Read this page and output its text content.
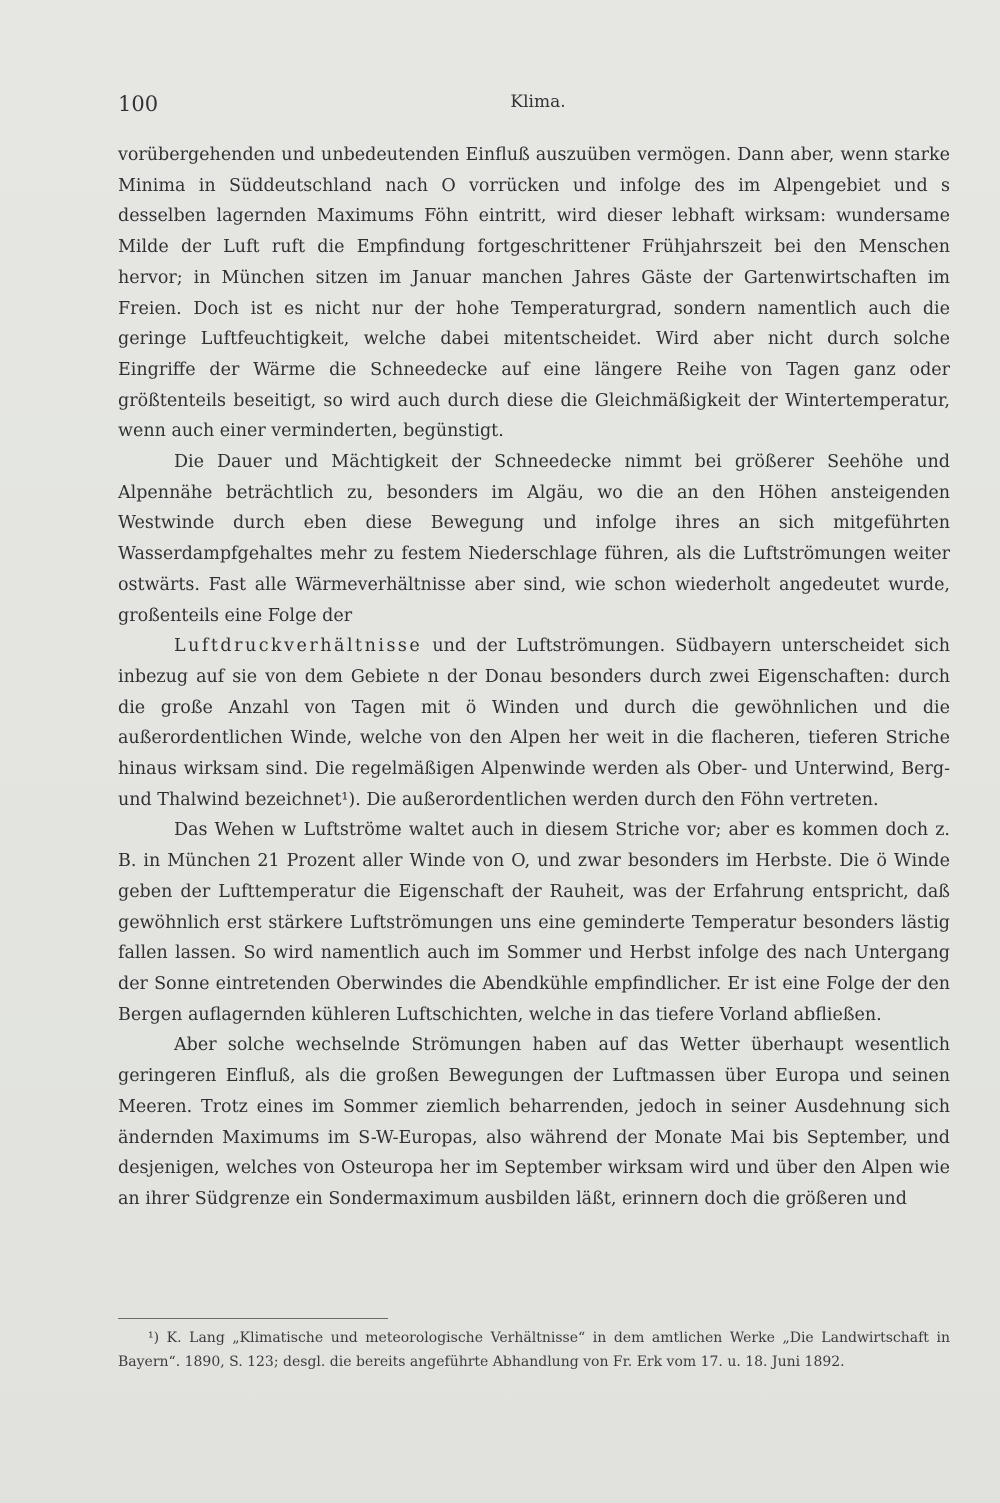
100	Klima.

vorübergehenden und unbedeutenden Einfluß auszuüben vermögen. Dann aber, wenn starke Minima in Süddeutschland nach O vorrücken und infolge des im Alpengebiet und s desselben lagernden Maximums Föhn eintritt, wird dieser lebhaft wirksam: wundersame Milde der Luft ruft die Empfindung fortgeschrittener Frühjahrszeit bei den Menschen hervor; in München sitzen im Januar manchen Jahres Gäste der Gartenwirtschaften im Freien. Doch ist es nicht nur der hohe Temperaturgrad, sondern namentlich auch die geringe Luftfeuchtigkeit, welche dabei mitentscheidet. Wird aber nicht durch solche Eingriffe der Wärme die Schneedecke auf eine längere Reihe von Tagen ganz oder größtenteils beseitigt, so wird auch durch diese die Gleichmäßigkeit der Wintertemperatur, wenn auch einer verminderten, begünstigt.

Die Dauer und Mächtigkeit der Schneedecke nimmt bei größerer Seehöhe und Alpennähe beträchtlich zu, besonders im Algäu, wo die an den Höhen ansteigenden Westwinde durch eben diese Bewegung und infolge ihres an sich mitgeführten Wasserdampfgehaltes mehr zu festem Niederschlage führen, als die Luftströmungen weiter ostwärts. Fast alle Wärmeverhältnisse aber sind, wie schon wiederholt angedeutet wurde, großenteils eine Folge der

Luftdruckverhältnisse und der Luftströmungen. Südbayern unterscheidet sich inbezug auf sie von dem Gebiete n der Donau besonders durch zwei Eigenschaften: durch die große Anzahl von Tagen mit ö Winden und durch die gewöhnlichen und die außerordentlichen Winde, welche von den Alpen her weit in die flacheren, tieferen Striche hinaus wirksam sind. Die regelmäßigen Alpenwinde werden als Ober- und Unterwind, Berg- und Thalwind bezeichnet¹). Die außerordentlichen werden durch den Föhn vertreten.

Das Wehen w Luftströme waltet auch in diesem Striche vor; aber es kommen doch z. B. in München 21 Prozent aller Winde von O, und zwar besonders im Herbste. Die ö Winde geben der Lufttemperatur die Eigenschaft der Rauheit, was der Erfahrung entspricht, daß gewöhnlich erst stärkere Luftströmungen uns eine geminderte Temperatur besonders lästig fallen lassen. So wird namentlich auch im Sommer und Herbst infolge des nach Untergang der Sonne eintretenden Oberwindes die Abendkühle empfindlicher. Er ist eine Folge der den Bergen auflagernden kühleren Luftschichten, welche in das tiefere Vorland abfließen.

Aber solche wechselnde Strömungen haben auf das Wetter überhaupt wesentlich geringeren Einfluß, als die großen Bewegungen der Luftmassen über Europa und seinen Meeren. Trotz eines im Sommer ziemlich beharrenden, jedoch in seiner Ausdehnung sich ändernden Maximums im S-W-Europas, also während der Monate Mai bis September, und desjenigen, welches von Osteuropa her im September wirksam wird und über den Alpen wie an ihrer Südgrenze ein Sondermaximum ausbilden läßt, erinnern doch die größeren und

¹) K. Lang „Klimatische und meteorologische Verhältnisse“ in dem amtlichen Werke „Die Landwirtschaft in Bayern“. 1890, S. 123; desgl. die bereits angeführte Abhandlung von Fr. Erk vom 17. u. 18. Juni 1892.
